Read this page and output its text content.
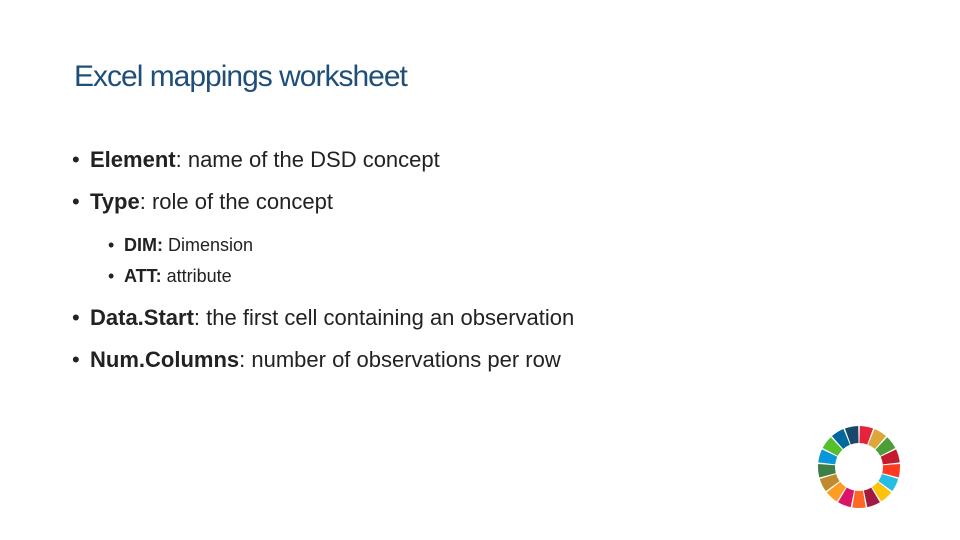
Excel mappings worksheet
• Element: name of the DSD concept
• Type: role of the concept
• DIM: Dimension
• ATT: attribute
• Data.Start: the first cell containing an observation
• Num.Columns: number of observations per row
